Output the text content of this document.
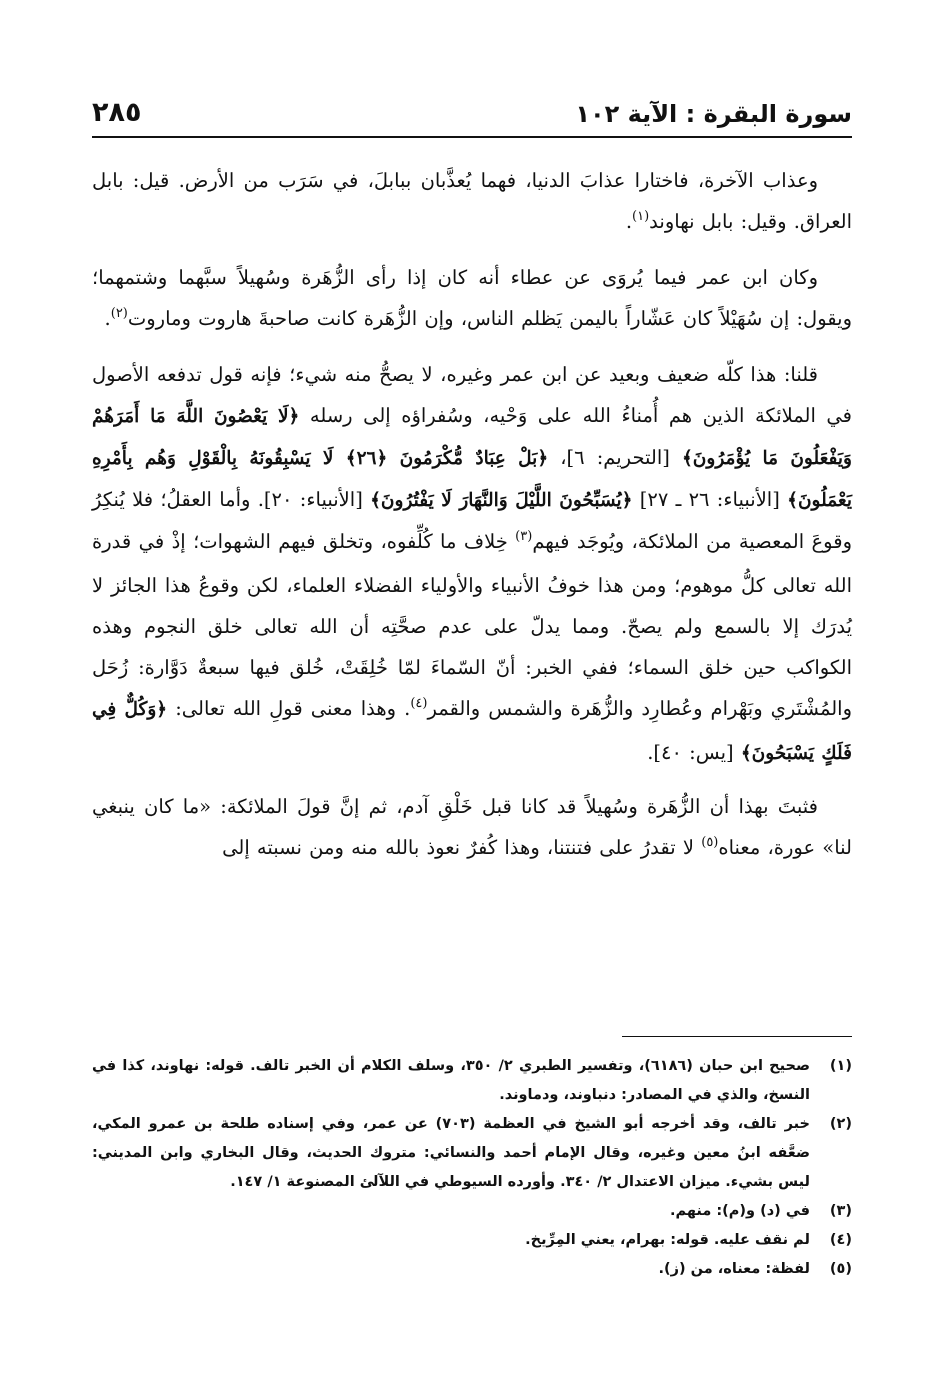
سورة البقرة : الآية ١٠٢
٢٨٥

وعذاب الآخرة، فاختارا عذابَ الدنيا، فهما يُعذَّبان ببابلَ، في سَرَب من الأرض. قيل: بابل العراق. وقيل: بابل نهاوند$^{(١)}$.

وكان ابن عمر فيما يُروَى عن عطاء أنه كان إذا رأى الزُّهَرة وسُهيلاً سبَّهما وشتمهما؛ ويقول: إن سُهَيْلاً كان عَشّاراً باليمن يَظلم الناس، وإن الزُّهَرة كانت صاحبةَ هاروت وماروت$^{(٢)}$.

قلنا: هذا كلّه ضعيف وبعيد عن ابن عمر وغيره، لا يصحُّ منه شيء؛ فإنه قول تدفعه الأصول في الملائكة الذين هم أُمناءُ الله على وَحْيه، وسُفراؤه إلى رسله ﴿لَا يَعْصُونَ اللَّهَ مَا أَمَرَهُمْ وَيَفْعَلُونَ مَا يُؤْمَرُونَ﴾ [التحريم: ٦]، ﴿بَلْ عِبَادٌ مُّكْرَمُونَ ﴿٢٦﴾ لَا يَسْبِقُونَهُ بِالْقَوْلِ وَهُم بِأَمْرِهِ يَعْمَلُونَ﴾ [الأنبياء: ٢٦ ـ ٢٧] ﴿يُسَبِّحُونَ اللَّيْلَ وَالنَّهَارَ لَا يَفْتُرُونَ﴾ [الأنبياء: ٢٠]. وأما العقلُ؛ فلا يُنكِرُ وقوعَ المعصية من الملائكة، ويُوجَد فيهم$^{(٣)}$ خِلاف ما كُلِّفوه، وتخلق فيهم الشهوات؛ إذْ في قدرة الله تعالى كلُّ موهوم؛ ومن هذا خوفُ الأنبياء والأولياء الفضلاء العلماء، لكن وقوعُ هذا الجائز لا يُدرَك إلا بالسمع ولم يصحّ. ومما يدلّ على عدم صحَّتِه أن الله تعالى خلق النجوم وهذه الكواكب حين خلق السماء؛ ففي الخبر: أنّ السّماءَ لمّا خُلِقَتْ، خُلق فيها سبعةٌ دَوَّارة: زُحَل والمُشْتَري وبَهْرام وعُطارِد والزُّهَرة والشمس والقمر$^{(٤)}$. وهذا معنى قولِ الله تعالى: ﴿وَكُلٌّ فِي فَلَكٍ يَسْبَحُونَ﴾ [يس: ٤٠].

فثبتَ بهذا أن الزُّهَرة وسُهيلاً قد كانا قبل خَلْقِ آدم، ثم إنَّ قولَ الملائكة: «ما كان ينبغي لنا» عورة، معناه$^{(٥)}$ لا تقدرُ على فتنتنا، وهذا كُفرٌ نعوذ بالله منه ومن نسبته إلى

(١)
صحيح ابن حبان (٦١٨٦)، وتفسير الطبري ٢/ ٣٥٠، وسلف الكلام أن الخبر تالف. قوله: نهاوند، كذا في النسخ، والذي في المصادر: دنباوند، ودماوند.
(٢)
خبر تالف، وقد أخرجه أبو الشيخ في العظمة (٧٠٣) عن عمر، وفي إسناده طلحة بن عمرو المكي، ضعَّفه ابنُ معين وغيره، وقال الإمام أحمد والنسائي: متروك الحديث، وقال البخاري وابن المديني: ليس بشيء. ميزان الاعتدال ٢/ ٣٤٠. وأورده السيوطي في اللآلئ المصنوعة ١/ ١٤٧.
(٣)
في (د) و(م): منهم.
(٤)
لم نقف عليه. قوله: بهرام، يعني المِرِّيخ.
(٥)
لفظة: معناه، من (ز).
